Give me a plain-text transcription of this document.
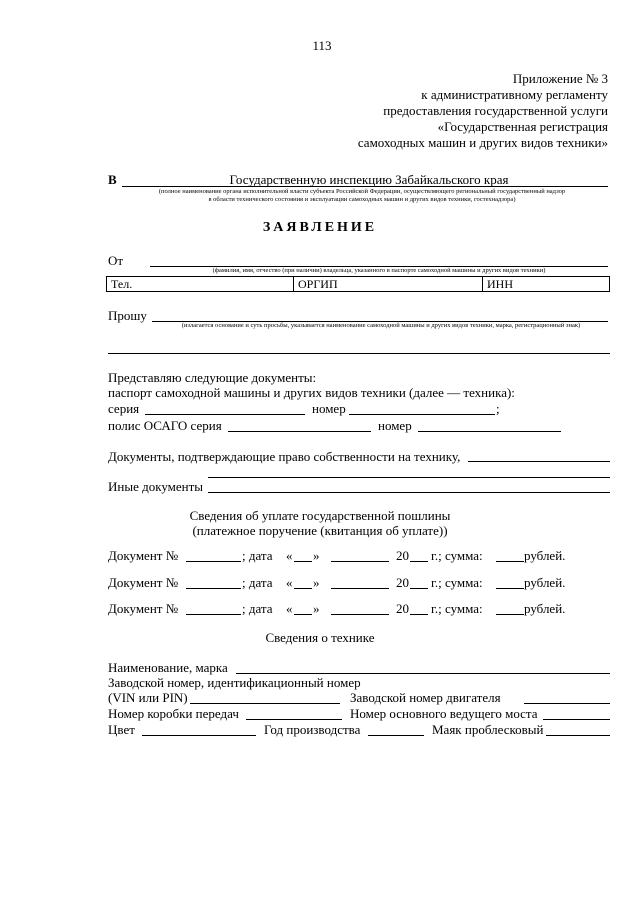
113
Приложение № 3
к административному регламенту
предоставления государственной услуги
«Государственная регистрация
самоходных машин и других видов техники»
В	Государственную инспекцию Забайкальского края
(полное наименование органа исполнительной власти субъекта Российской Федерации, осуществляющего региональный государственный надзор
в области технического состояния и эксплуатации самоходных машин и других видов техники, гостехнадзора)
ЗАЯВЛЕНИЕ
От
(фамилия, имя, отчество (при наличии) владельца, указанного в паспорте самоходной машины и других видов техники)
Тел.	ОРГИП	ИНН
Прошу
(излагается основание и суть просьбы, указывается наименование самоходной машины и других видов техники, марка, регистрационный знак)
Представляю следующие документы:
паспорт самоходной машины и других видов техники (далее — техника):
серия	номер	;
полис ОСАГО серия	номер
Документы, подтверждающие право собственности на технику,
Иные документы
Сведения об уплате государственной пошлины
(платежное поручение (квитанция об уплате))
Документ №	; дата « »	20 г.; сумма:	рублей.
Документ №	; дата « »	20 г.; сумма:	рублей.
Документ №	; дата « »	20 г.; сумма:	рублей.
Сведения о технике
Наименование, марка
Заводской номер, идентификационный номер
(VIN или PIN)	Заводской номер двигателя
Номер коробки передач	Номер основного ведущего моста
Цвет	Год производства	Маяк проблесковый
